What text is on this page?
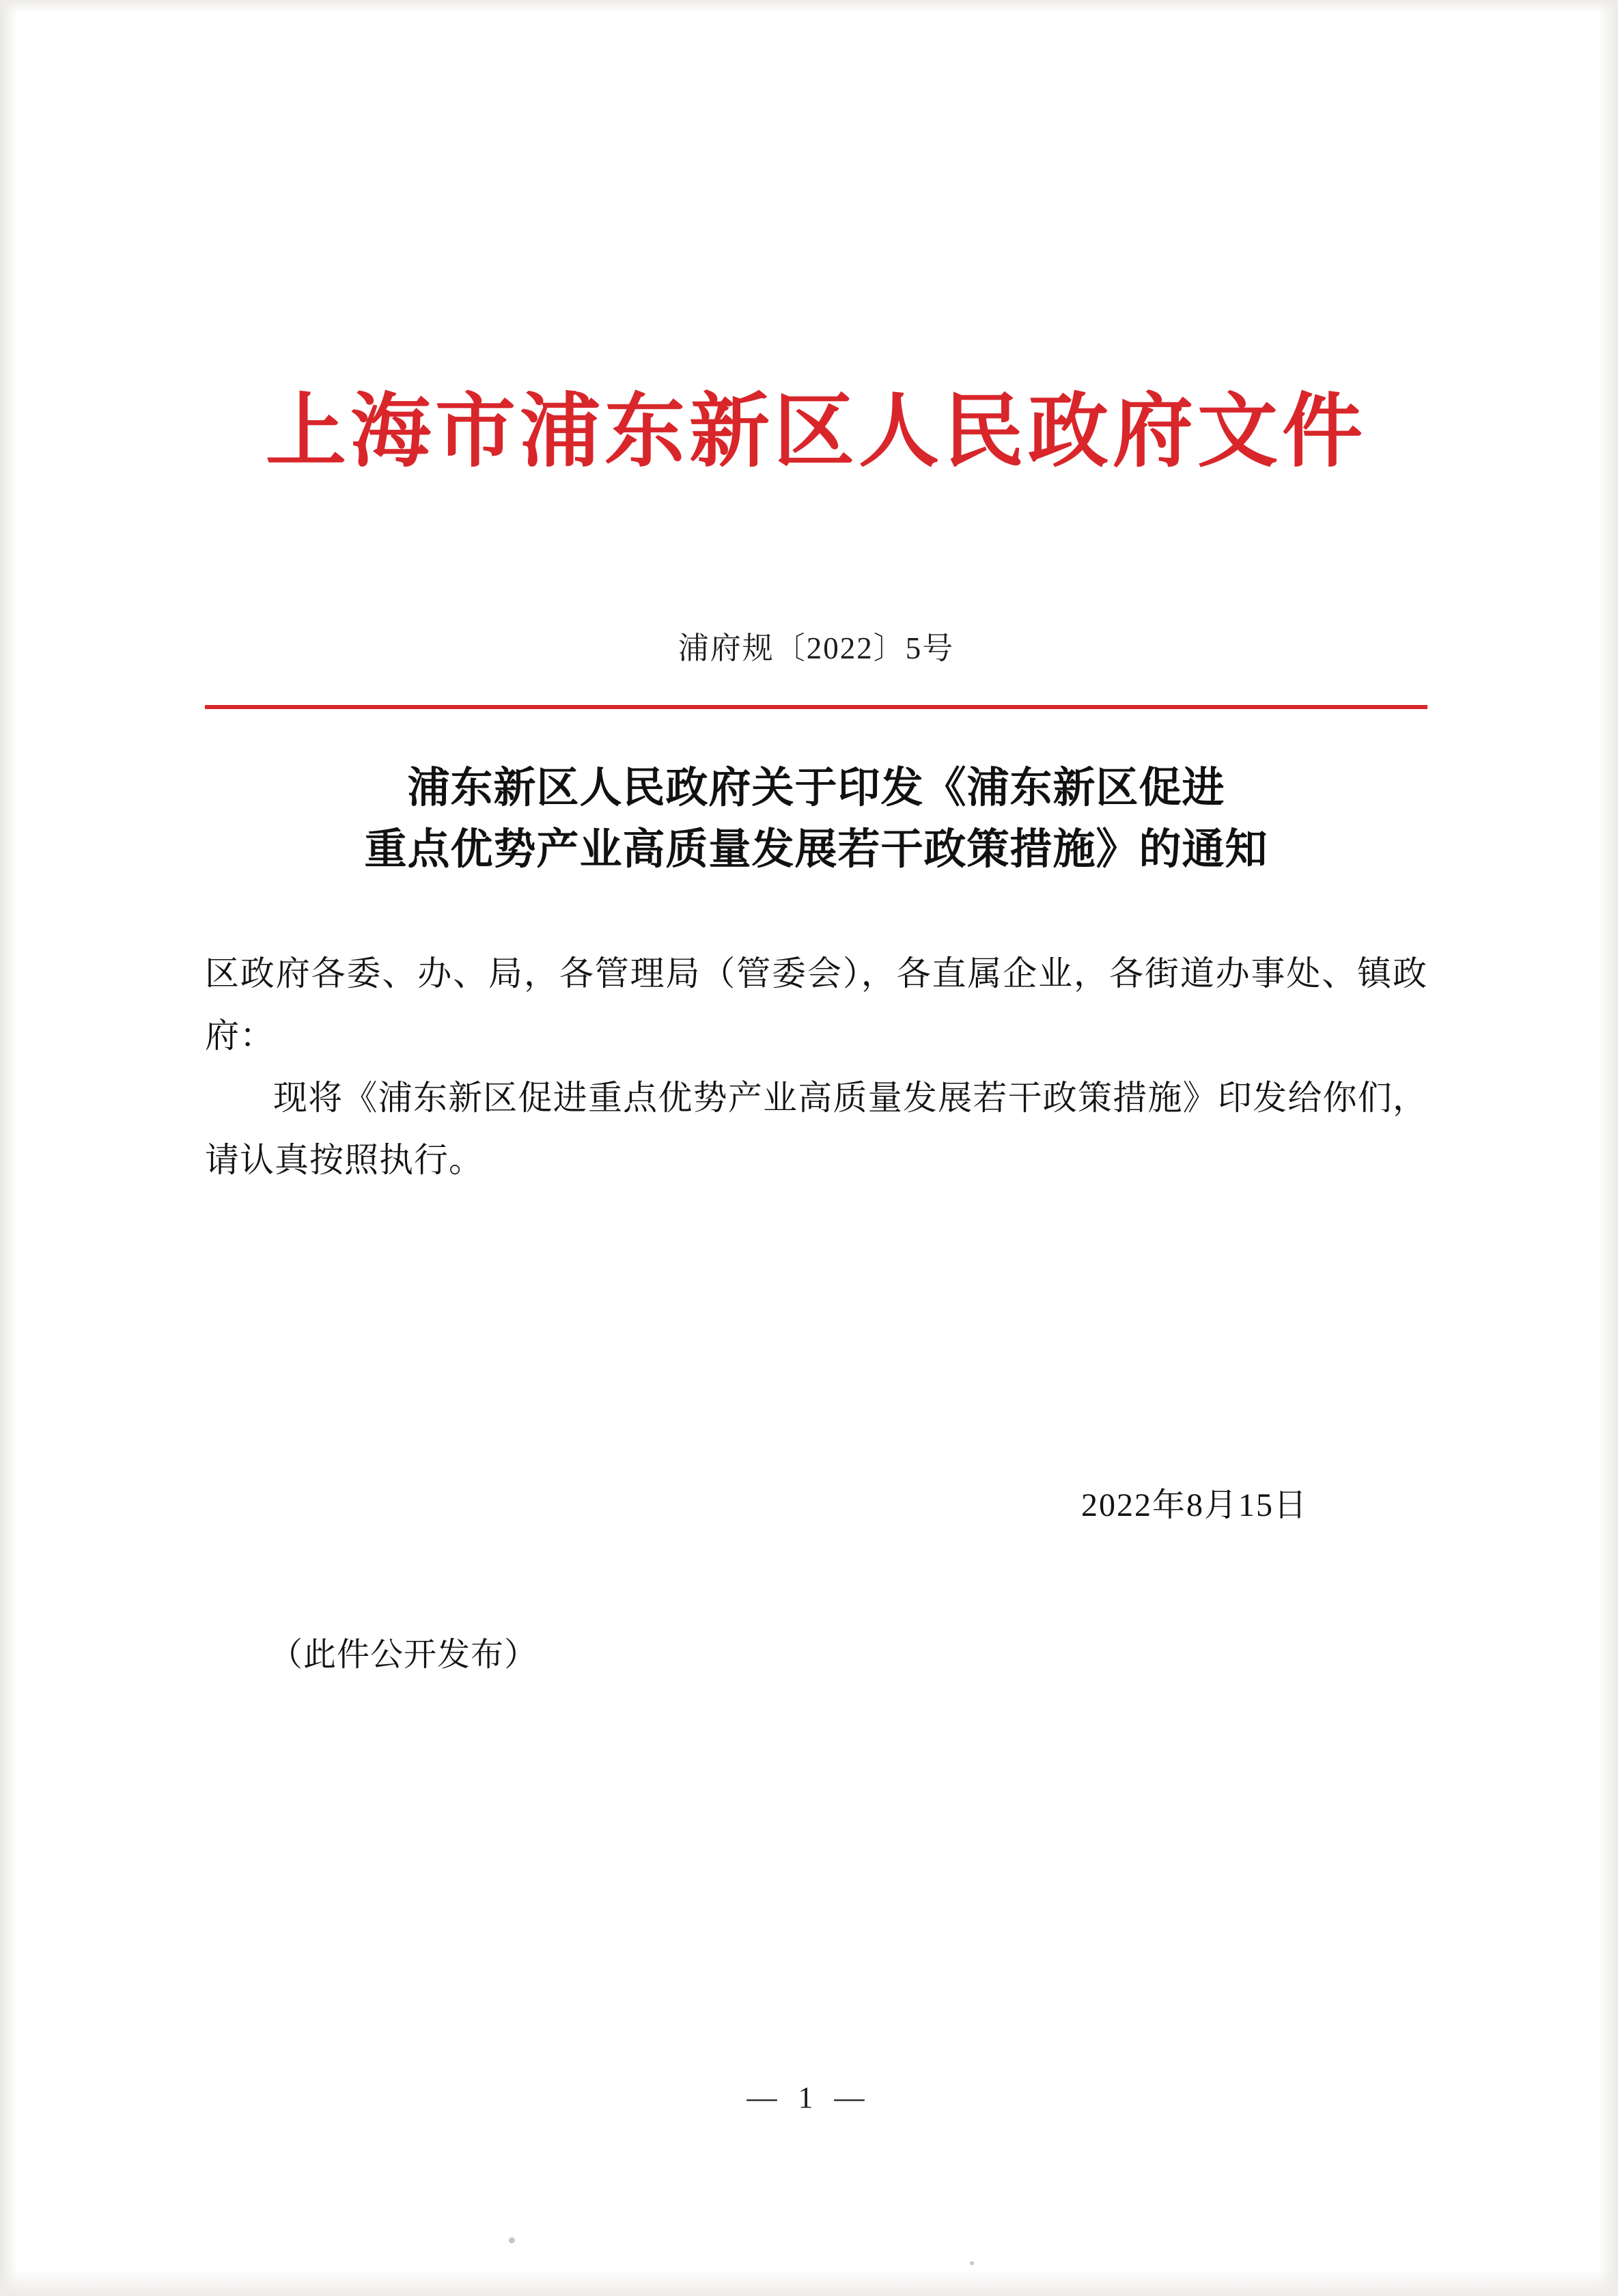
上海市浦东新区人民政府文件
浦府规〔2022〕5号
浦东新区人民政府关于印发《浦东新区促进
重点优势产业高质量发展若干政策措施》的通知

区政府各委、办、局，各管理局（管委会），各直属企业，各街道办事处、镇政府：

现将《浦东新区促进重点优势产业高质量发展若干政策措施》印发给你们，请认真按照执行。

2022年8月15日
（此件公开发布）
— 1 —
